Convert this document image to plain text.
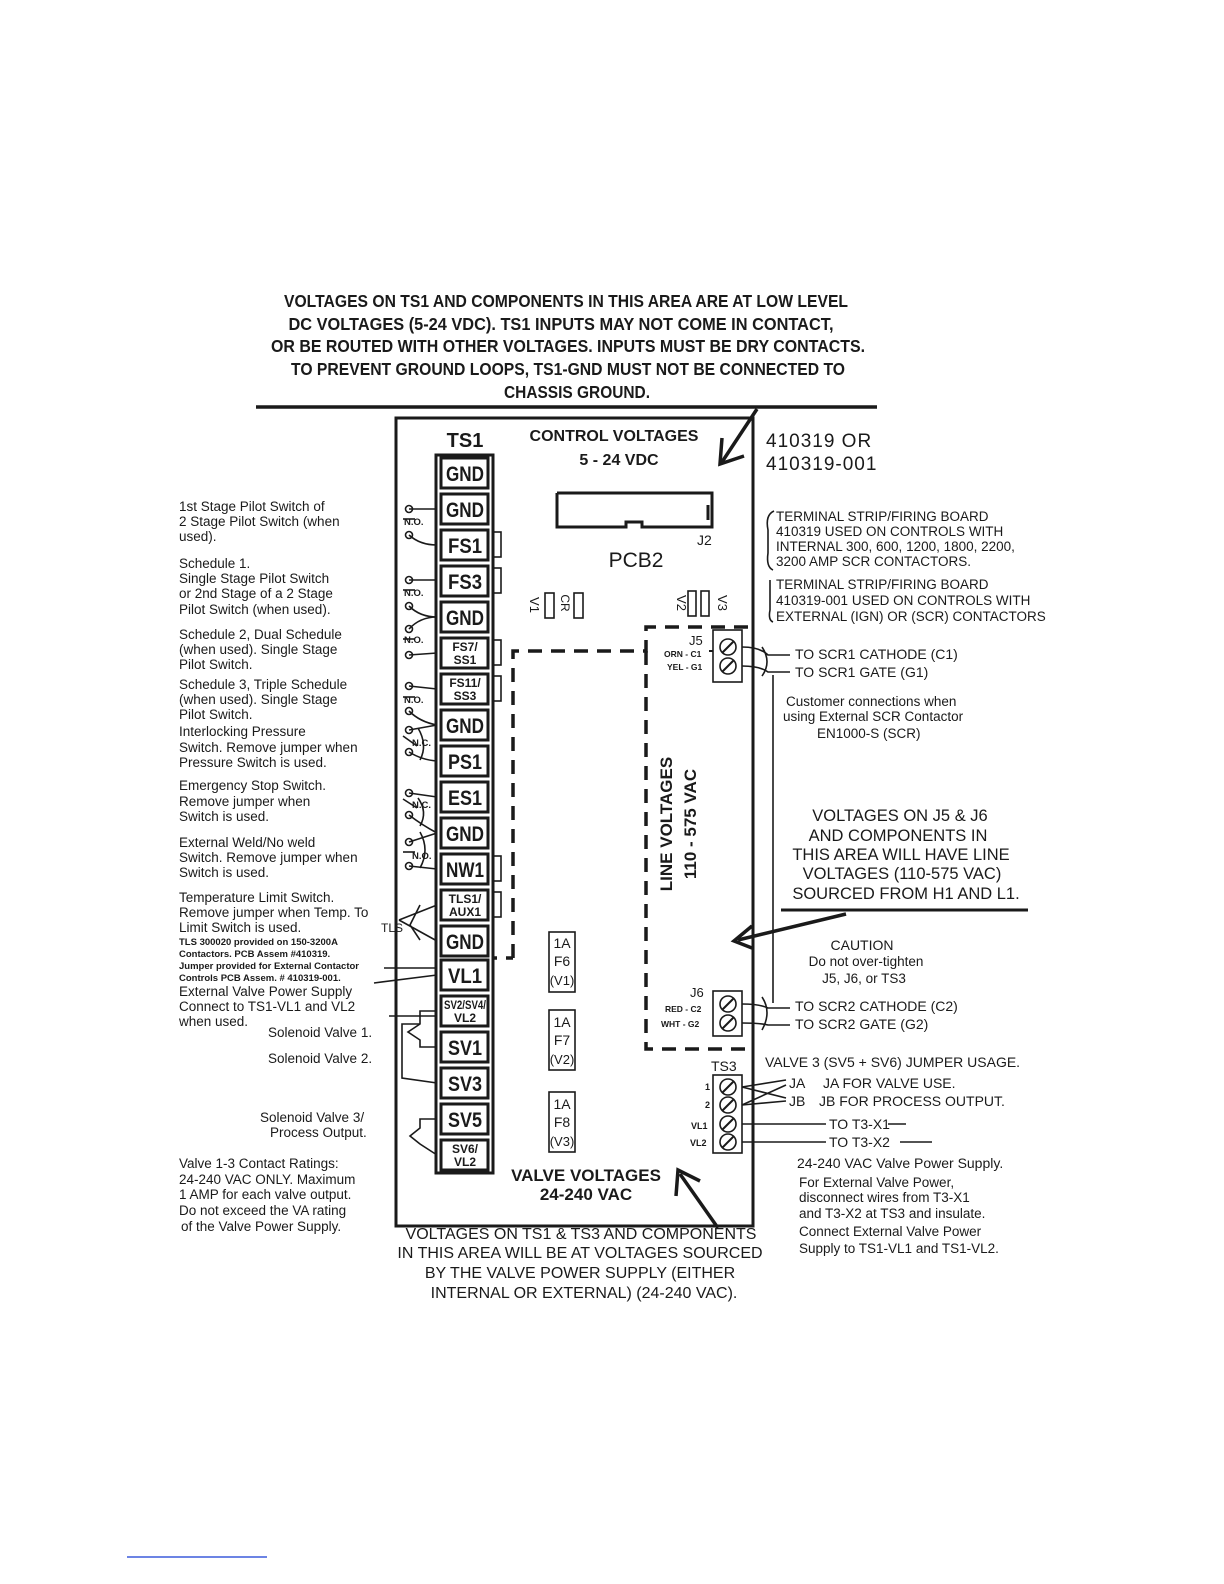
VOLTAGES ON TS1 AND COMPONENTS IN THIS AREA ARE AT LOW LEVEL
DC VOLTAGES (5-24 VDC). TS1 INPUTS MAY NOT COME IN CONTACT,
OR BE ROUTED WITH OTHER VOLTAGES. INPUTS MUST BE DRY CONTACTS.
TO PREVENT GROUND LOOPS, TS1-GND MUST NOT BE CONNECTED TO
CHASSIS GROUND.
TS1	CONTROL VOLTAGES
5 - 24 VDC
410319 OR
410319-001
J2
PCB2
V1 CR	V2 V3
GND
GND
FS1
FS3
GND
FS7/
SS1
FS11/
SS3
GND
PS1
ES1
GND
NW1
TLS1/
AUX1
GND
VL1
SV2/SV4/
VL2
SV1
SV3
SV5
SV6/
VL2
N.O.
N.O.
N.O.
N.O.
N.C.
N.C.
N.O.
TLS
1st Stage Pilot Switch of
2 Stage Pilot Switch (when
used).
Schedule 1.
Single Stage Pilot Switch
or 2nd Stage of a 2 Stage
Pilot Switch (when used).
Schedule 2, Dual Schedule
(when used). Single Stage
Pilot Switch.
Schedule 3, Triple Schedule
(when used). Single Stage
Pilot Switch.
Interlocking Pressure
Switch. Remove jumper when
Pressure Switch is used.
Emergency Stop Switch.
Remove jumper when
Switch is used.
External Weld/No weld
Switch. Remove jumper when
Switch is used.
Temperature Limit Switch.
Remove jumper when Temp. To
Limit Switch is used.
TLS 300020 provided on 150-3200A
Contactors. PCB Assem #410319.
Jumper provided for External Contactor
Controls PCB Assem. # 410319-001.
External Valve Power Supply
Connect to TS1-VL1 and VL2
when used.
Solenoid Valve 1.
Solenoid Valve 2.
Solenoid Valve 3/
Process Output.
Valve 1-3 Contact Ratings:
24-240 VAC ONLY. Maximum
1 AMP for each valve output.
Do not exceed the VA rating
of the Valve Power Supply.
1A
F6
(V1)
1A
F7
(V2)
1A
F8
(V3)
LINE VOLTAGES 110 - 575 VAC
J5
ORN - C1
YEL - G1
TO SCR1 CATHODE (C1)
TO SCR1 GATE (G1)
J6
RED - C2
WHT - G2
TO SCR2 CATHODE (C2)
TO SCR2 GATE (G2)
TERMINAL STRIP/FIRING BOARD
410319 USED ON CONTROLS WITH
INTERNAL 300, 600, 1200, 1800, 2200,
3200 AMP SCR CONTACTORS.
TERMINAL STRIP/FIRING BOARD
410319-001 USED ON CONTROLS WITH
EXTERNAL (IGN) OR (SCR) CONTACTORS
Customer connections when
using External SCR Contactor
EN1000-S (SCR)
VOLTAGES ON J5 & J6
AND COMPONENTS IN
THIS AREA WILL HAVE LINE
VOLTAGES (110-575 VAC)
SOURCED FROM H1 AND L1.
CAUTION
Do not over-tighten
J5, J6, or TS3
VALVE 3 (SV5 + SV6) JUMPER USAGE.
TS3
1
2
VL1
VL2
JA
JB
JA FOR VALVE USE.
JB FOR PROCESS OUTPUT.
TO T3-X1
TO T3-X2
24-240 VAC Valve Power Supply.
For External Valve Power,
disconnect wires from T3-X1
and T3-X2 at TS3 and insulate.
Connect External Valve Power
Supply to TS1-VL1 and TS1-VL2.
VALVE VOLTAGES
24-240 VAC
VOLTAGES ON TS1 & TS3 AND COMPONENTS
IN THIS AREA WILL BE AT VOLTAGES SOURCED
BY THE VALVE POWER SUPPLY (EITHER
INTERNAL OR EXTERNAL) (24-240 VAC).
